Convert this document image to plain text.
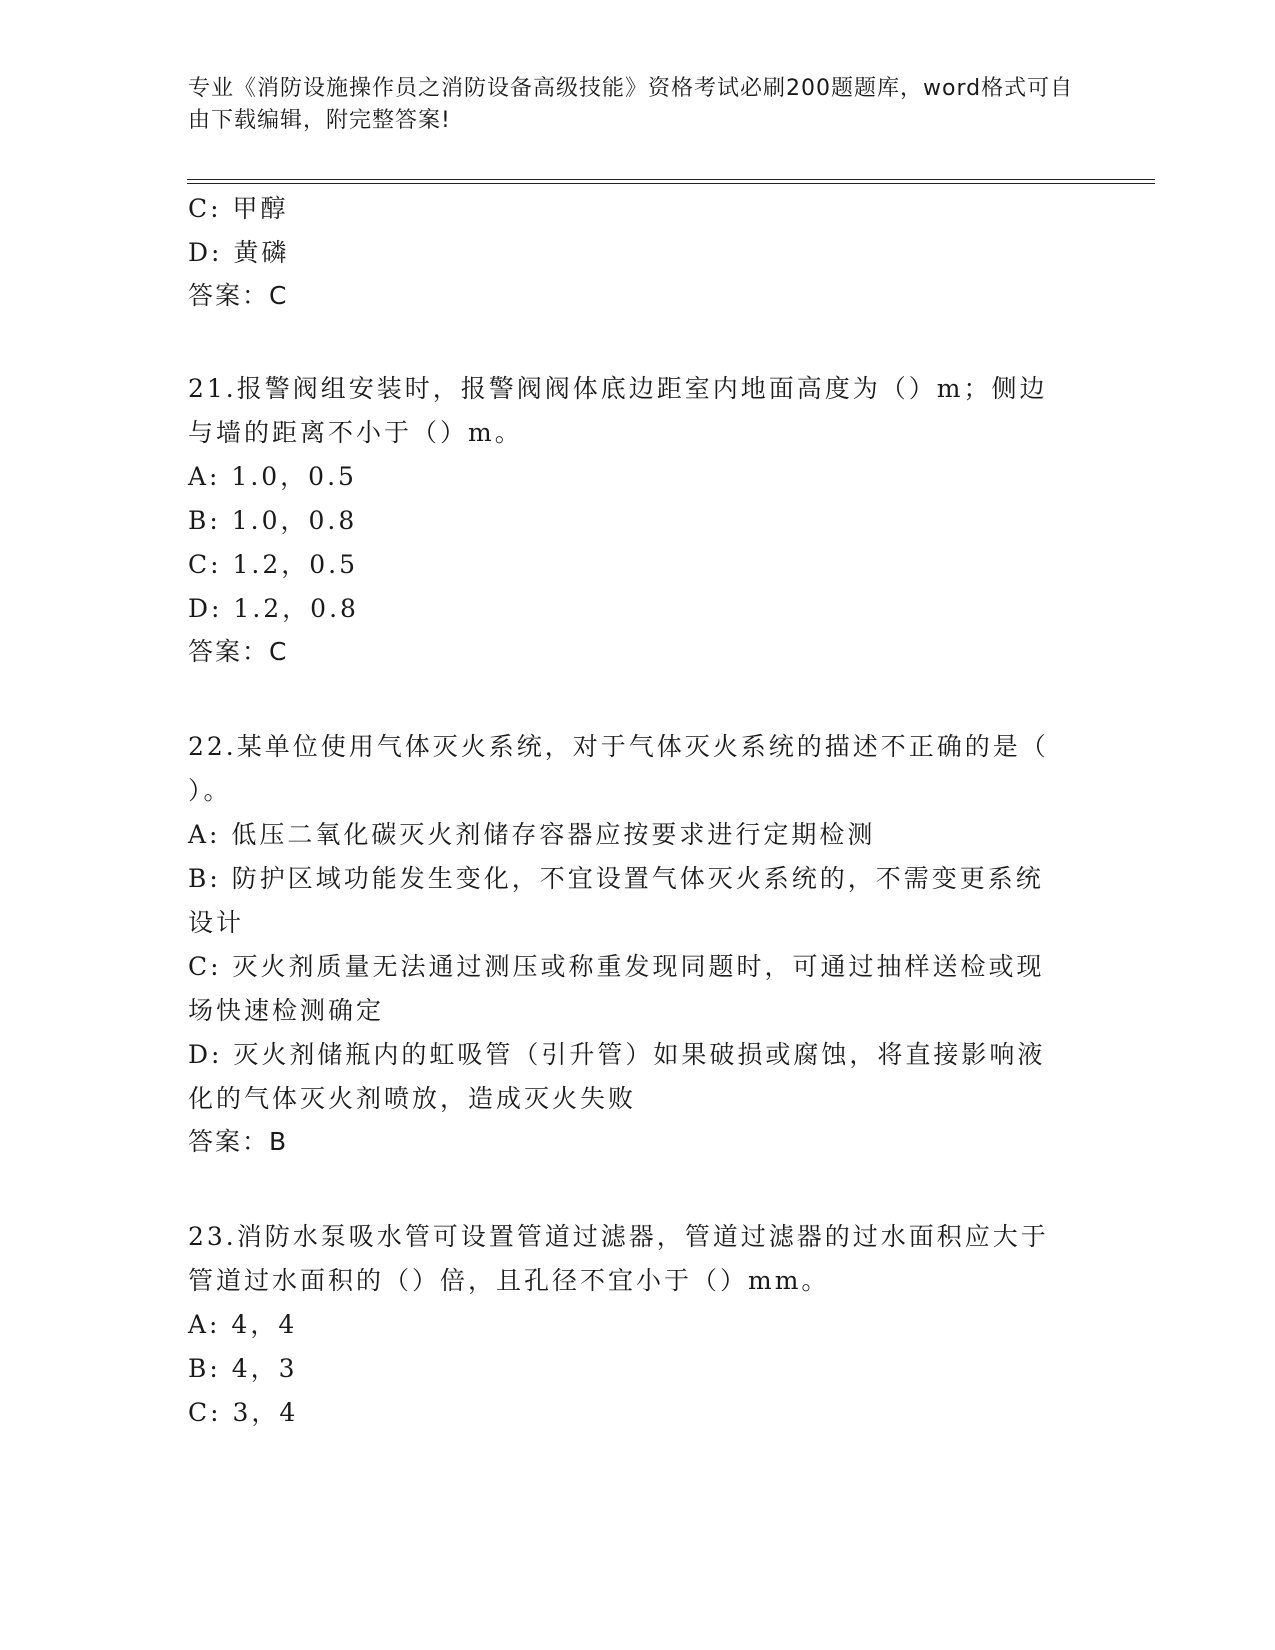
专业《消防设施操作员之消防设备高级技能》资格考试必刷200题题库，word格式可自由下载编辑，附完整答案!
C: 甲醇
D: 黄磷
答案：C
21.报警阀组安装时，报警阀阀体底边距室内地面高度为（）m；侧边
与墙的距离不小于（）m。
A: 1.0，0.5
B: 1.0，0.8
C: 1.2，0.5
D: 1.2，0.8
答案：C
22.某单位使用气体灭火系统，对于气体灭火系统的描述不正确的是（
）。
A: 低压二氧化碳灭火剂储存容器应按要求进行定期检测
B: 防护区域功能发生变化，不宜设置气体灭火系统的，不需变更系统
设计
C: 灭火剂质量无法通过测压或称重发现同题时，可通过抽样送检或现
场快速检测确定
D: 灭火剂储瓶内的虹吸管（引升管）如果破损或腐蚀，将直接影响液
化的气体灭火剂喷放，造成灭火失败
答案：B
23.消防水泵吸水管可设置管道过滤器，管道过滤器的过水面积应大于
管道过水面积的（）倍，且孔径不宜小于（）mm。
A: 4，4
B: 4，3
C: 3，4
